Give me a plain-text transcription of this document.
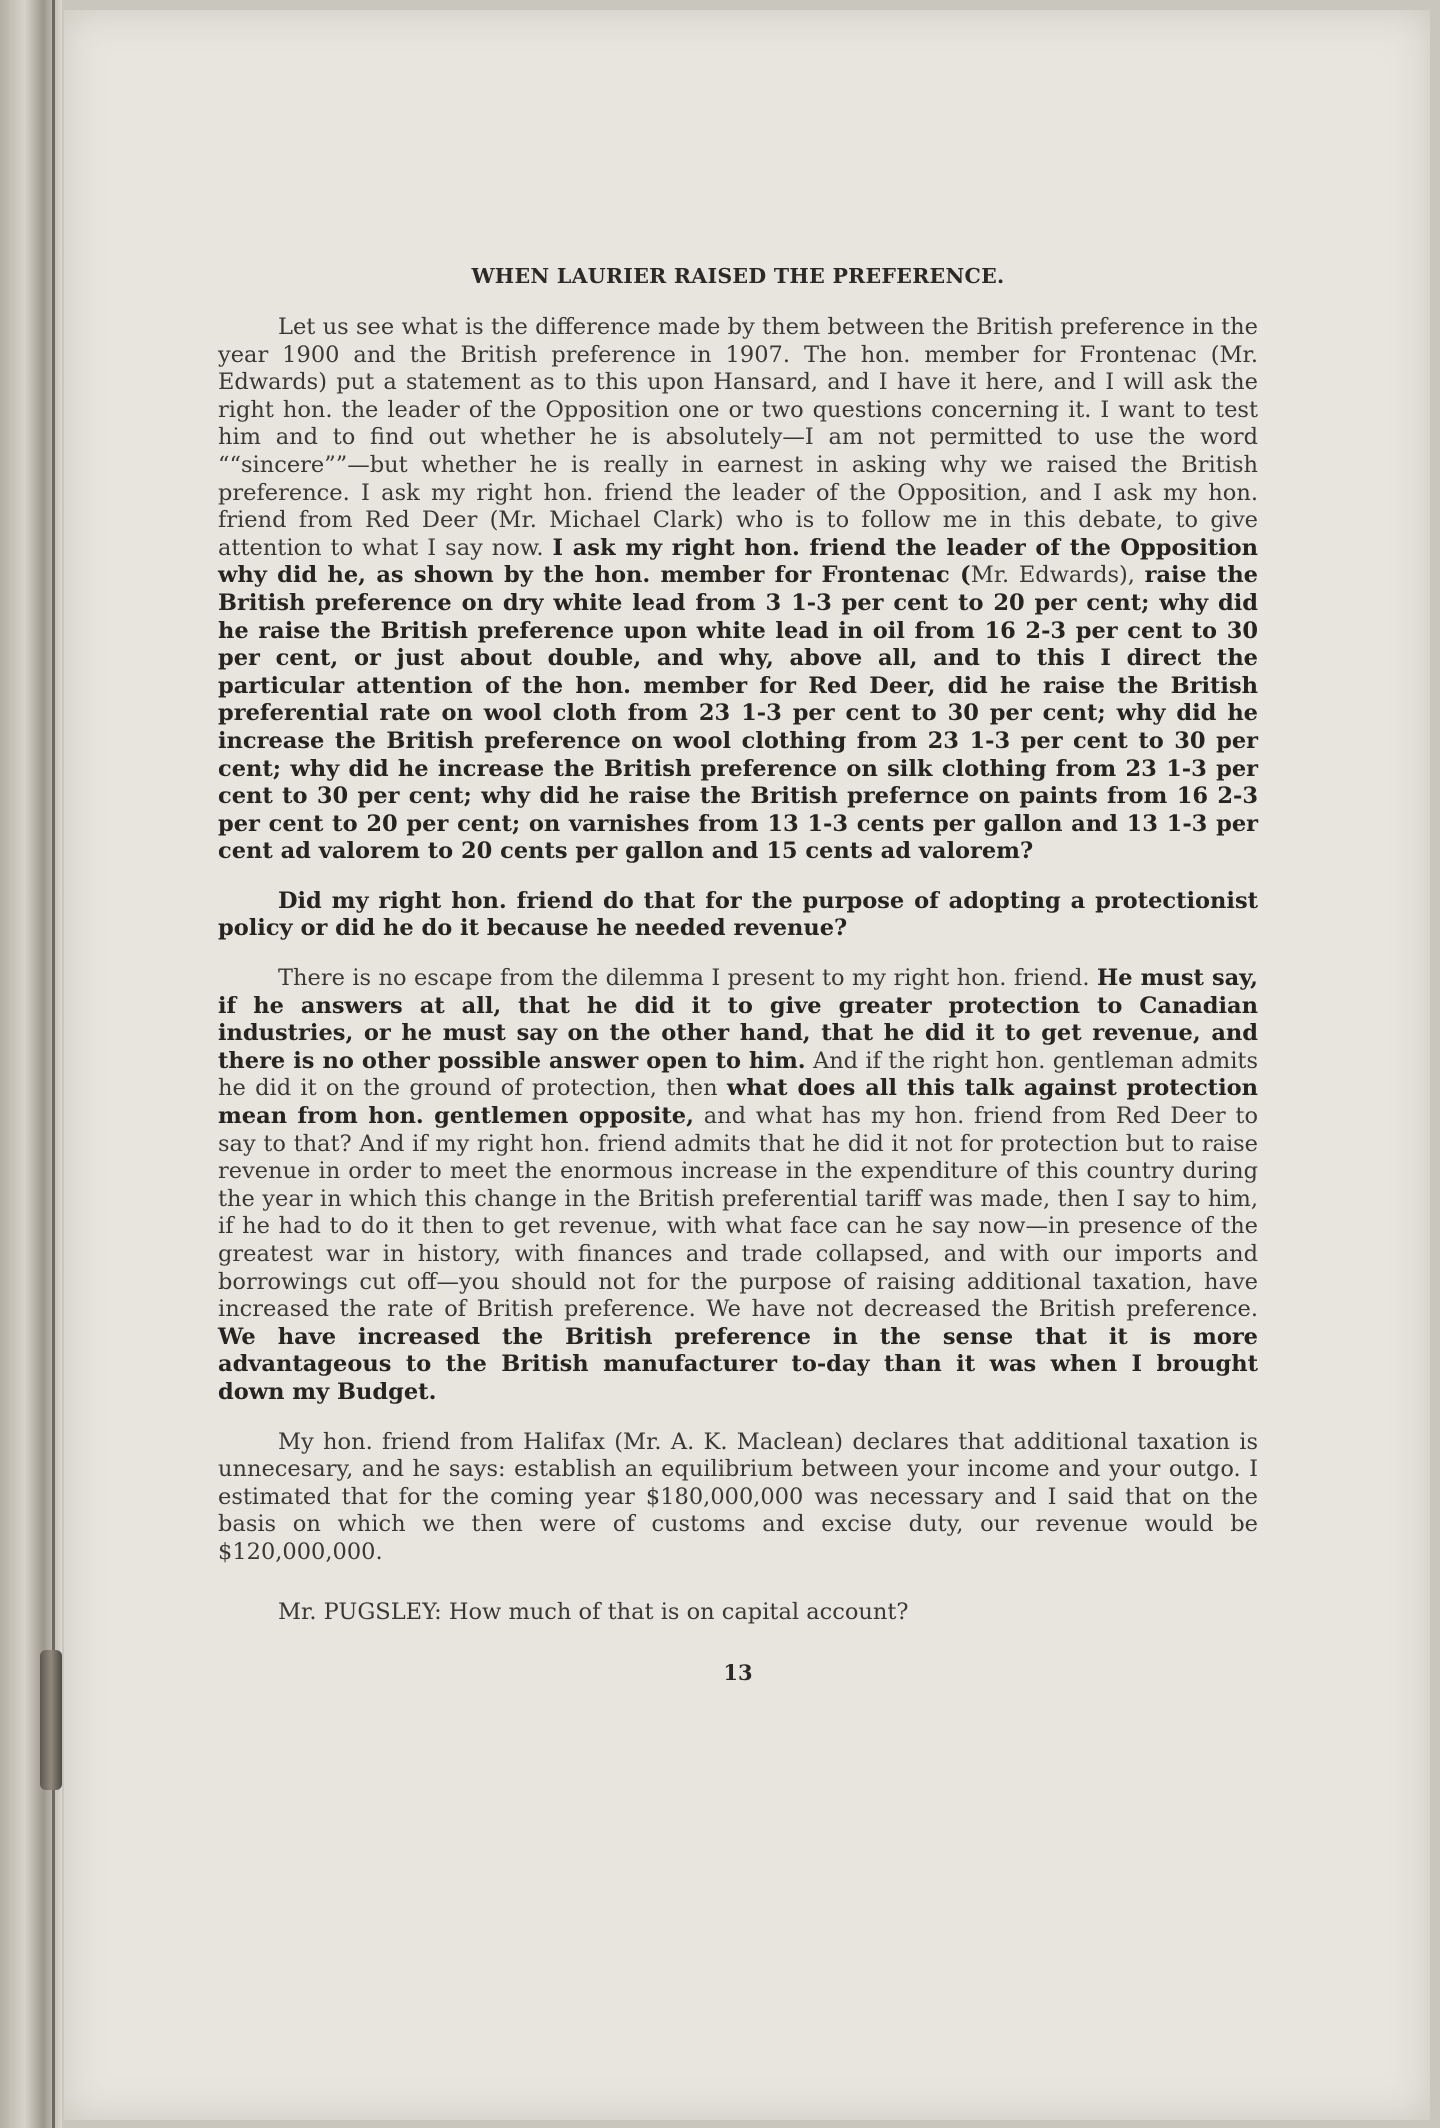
WHEN LAURIER RAISED THE PREFERENCE.

Let us see what is the difference made by them between the British preference in the year 1900 and the British preference in 1907. The hon. member for Frontenac (Mr. Edwards) put a statement as to this upon Hansard, and I have it here, and I will ask the right hon. the leader of the Opposition one or two questions concerning it. I want to test him and to find out whether he is absolutely—I am not permitted to use the word ““sincere””—but whether he is really in earnest in asking why we raised the British preference. I ask my right hon. friend the leader of the Opposition, and I ask my hon. friend from Red Deer (Mr. Michael Clark) who is to follow me in this debate, to give attention to what I say now. I ask my right hon. friend the leader of the Opposition why did he, as shown by the hon. member for Frontenac (Mr. Edwards), raise the British preference on dry white lead from 3 1-3 per cent to 20 per cent; why did he raise the British preference upon white lead in oil from 16 2-3 per cent to 30 per cent, or just about double, and why, above all, and to this I direct the particular attention of the hon. member for Red Deer, did he raise the British preferential rate on wool cloth from 23 1-3 per cent to 30 per cent; why did he increase the British preference on wool clothing from 23 1-3 per cent to 30 per cent; why did he increase the British preference on silk clothing from 23 1-3 per cent to 30 per cent; why did he raise the British prefernce on paints from 16 2-3 per cent to 20 per cent; on varnishes from 13 1-3 cents per gallon and 13 1-3 per cent ad valorem to 20 cents per gallon and 15 cents ad valorem?

Did my right hon. friend do that for the purpose of adopting a protectionist policy or did he do it because he needed revenue?

There is no escape from the dilemma I present to my right hon. friend. He must say, if he answers at all, that he did it to give greater protection to Canadian industries, or he must say on the other hand, that he did it to get revenue, and there is no other possible answer open to him. And if the right hon. gentleman admits he did it on the ground of protection, then what does all this talk against protection mean from hon. gentlemen opposite, and what has my hon. friend from Red Deer to say to that? And if my right hon. friend admits that he did it not for protection but to raise revenue in order to meet the enormous increase in the expenditure of this country during the year in which this change in the British preferential tariff was made, then I say to him, if he had to do it then to get revenue, with what face can he say now—in presence of the greatest war in history, with finances and trade collapsed, and with our imports and borrowings cut off—you should not for the purpose of raising additional taxation, have increased the rate of British preference. We have not decreased the British preference. We have increased the British preference in the sense that it is more advantageous to the British manufacturer to-day than it was when I brought down my Budget.

My hon. friend from Halifax (Mr. A. K. Maclean) declares that additional taxation is unnecesary, and he says: establish an equilibrium between your income and your outgo. I estimated that for the coming year $180,000,000 was necessary and I said that on the basis on which we then were of customs and excise duty, our revenue would be $120,000,000.

Mr. PUGSLEY: How much of that is on capital account?

13
